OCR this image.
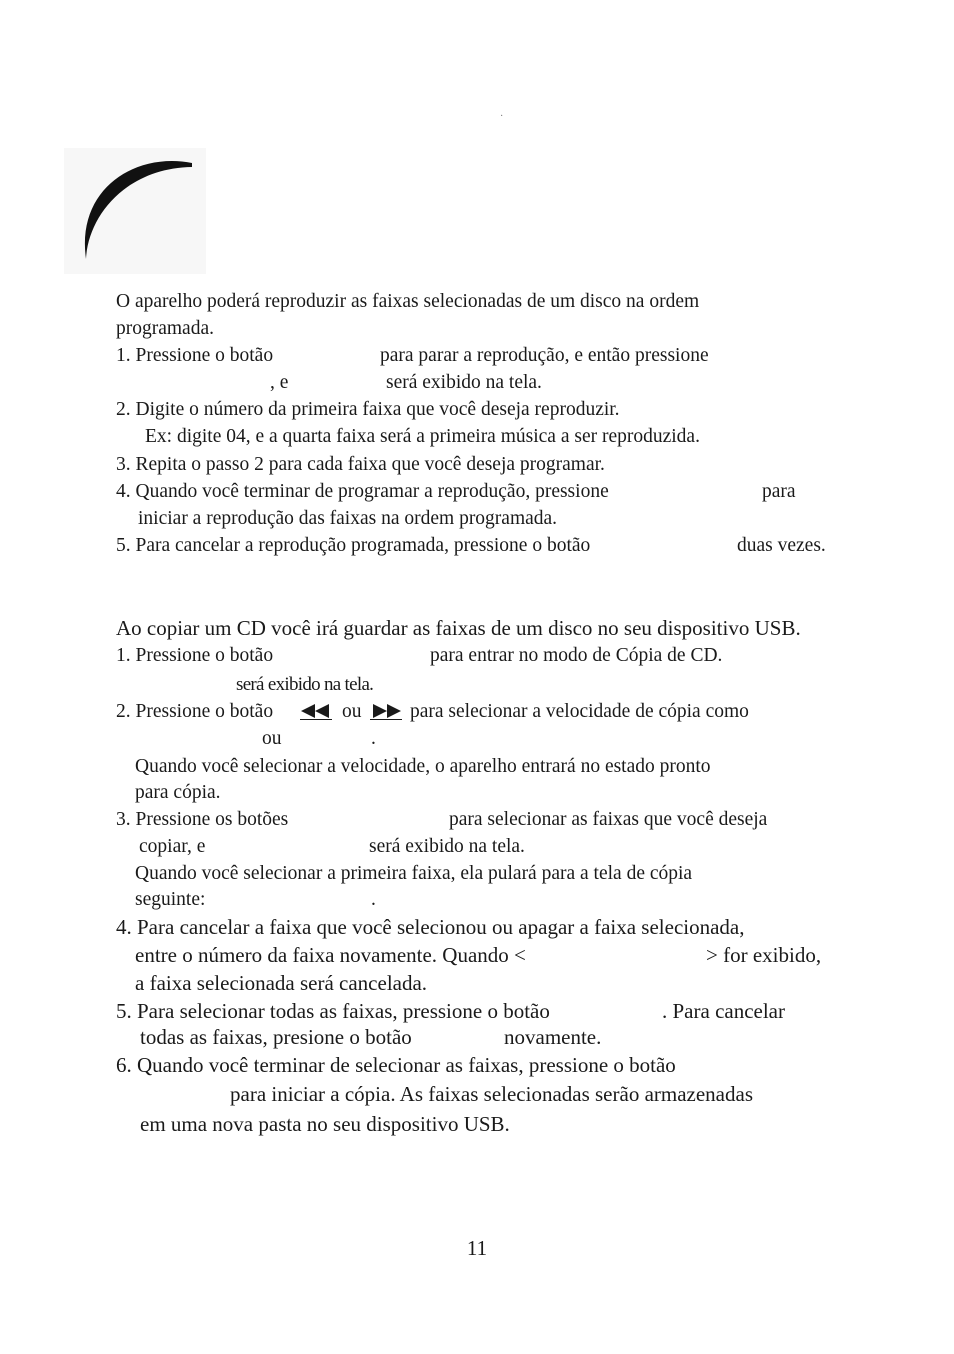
·
O aparelho poderá reproduzir as faixas selecionadas de um disco na ordem
programada.
1. Pressione o botão	para parar a reprodução, e então pressione
, e	será exibido na tela.
2. Digite o número da primeira faixa que você deseja reproduzir.
Ex: digite 04, e a quarta faixa será a primeira música a ser reproduzida.
3. Repita o passo 2 para cada faixa que você deseja programar.
4. Quando você terminar de programar a reprodução, pressione	para
iniciar a reprodução das faixas na ordem programada.
5. Para cancelar a reprodução programada, pressione o botão	duas vezes.
Ao copiar um CD você irá guardar as faixas de um disco no seu dispositivo USB.
1. Pressione o botão	para entrar no modo de Cópia de CD.
será exibido na tela.
2. Pressione o botão	ou para selecionar a velocidade de cópia como
ou	.
Quando você selecionar a velocidade, o aparelho entrará no estado pronto
para cópia.
3. Pressione os botões	para selecionar as faixas que você deseja
copiar, e	será exibido na tela.
Quando você selecionar a primeira faixa, ela pulará para a tela de cópia
seguinte:	.
4. Para cancelar a faixa que você selecionou ou apagar a faixa selecionada,
entre o número da faixa novamente. Quando <	> for exibido,
a faixa selecionada será cancelada.
5. Para selecionar todas as faixas, pressione o botão	. Para cancelar
todas as faixas, presione o botão	novamente.
6. Quando você terminar de selecionar as faixas, pressione o botão
para iniciar a cópia. As faixas selecionadas serão armazenadas
em uma nova pasta no seu dispositivo USB.
11
